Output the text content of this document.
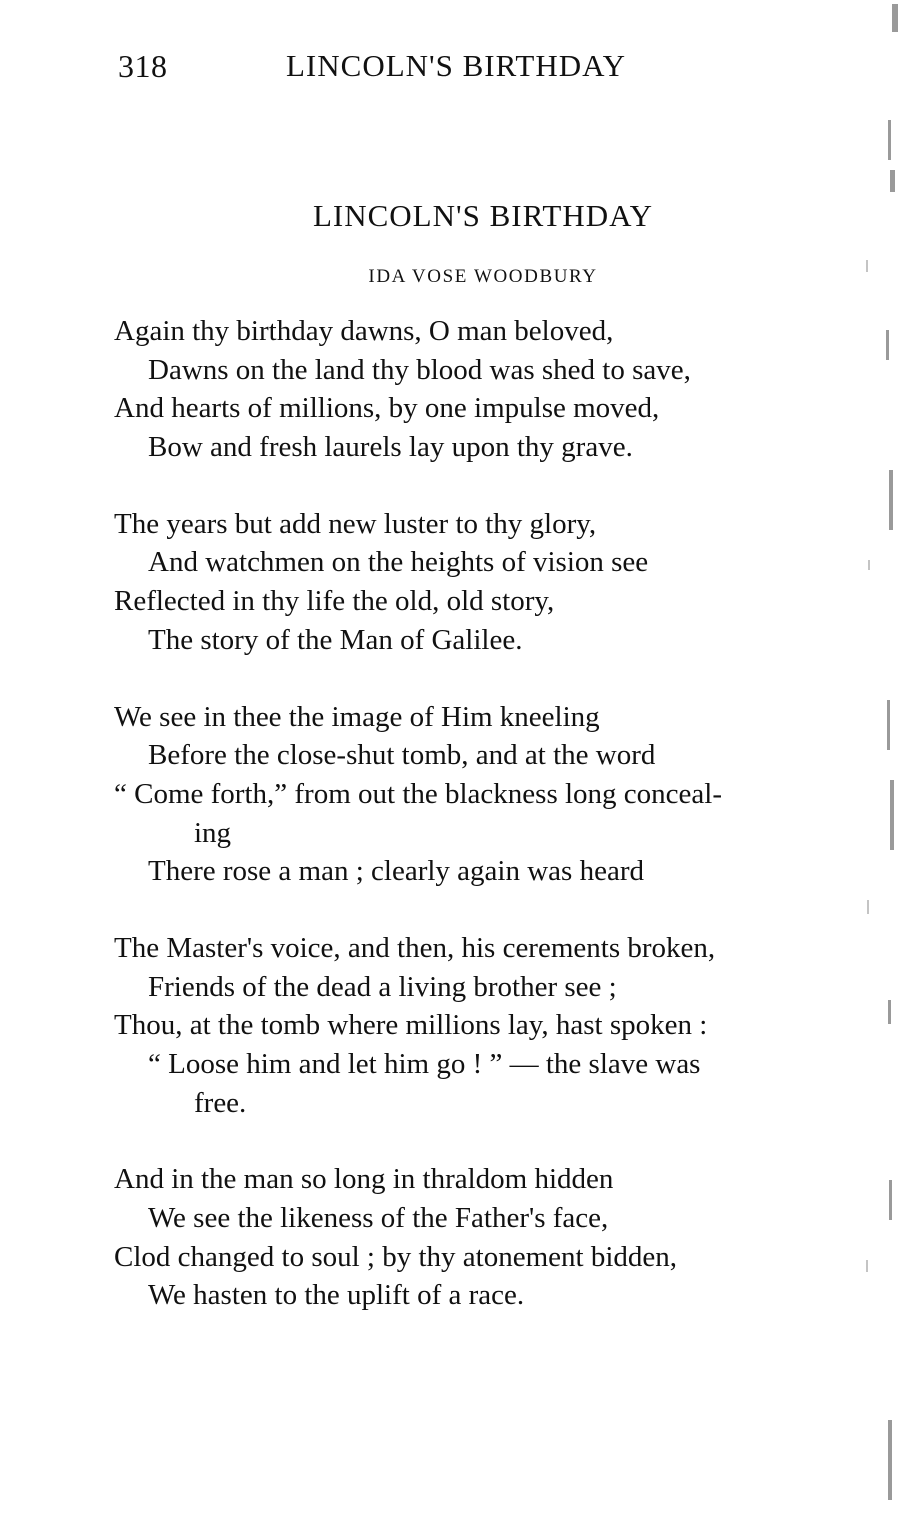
318	LINCOLN'S BIRTHDAY
LINCOLN'S BIRTHDAY
IDA VOSE WOODBURY
Again thy birthday dawns, O man beloved,
Dawns on the land thy blood was shed to save,
And hearts of millions, by one impulse moved,
Bow and fresh laurels lay upon thy grave.
The years but add new luster to thy glory,
And watchmen on the heights of vision see
Reflected in thy life the old, old story,
The story of the Man of Galilee.
We see in thee the image of Him kneeling
Before the close-shut tomb, and at the word
“ Come forth,” from out the blackness long conceal-
ing
There rose a man ; clearly again was heard
The Master's voice, and then, his cerements broken,
Friends of the dead a living brother see ;
Thou, at the tomb where millions lay, hast spoken :
“ Loose him and let him go ! ” — the slave was
free.
And in the man so long in thraldom hidden
We see the likeness of the Father's face,
Clod changed to soul ; by thy atonement bidden,
We hasten to the uplift of a race.
